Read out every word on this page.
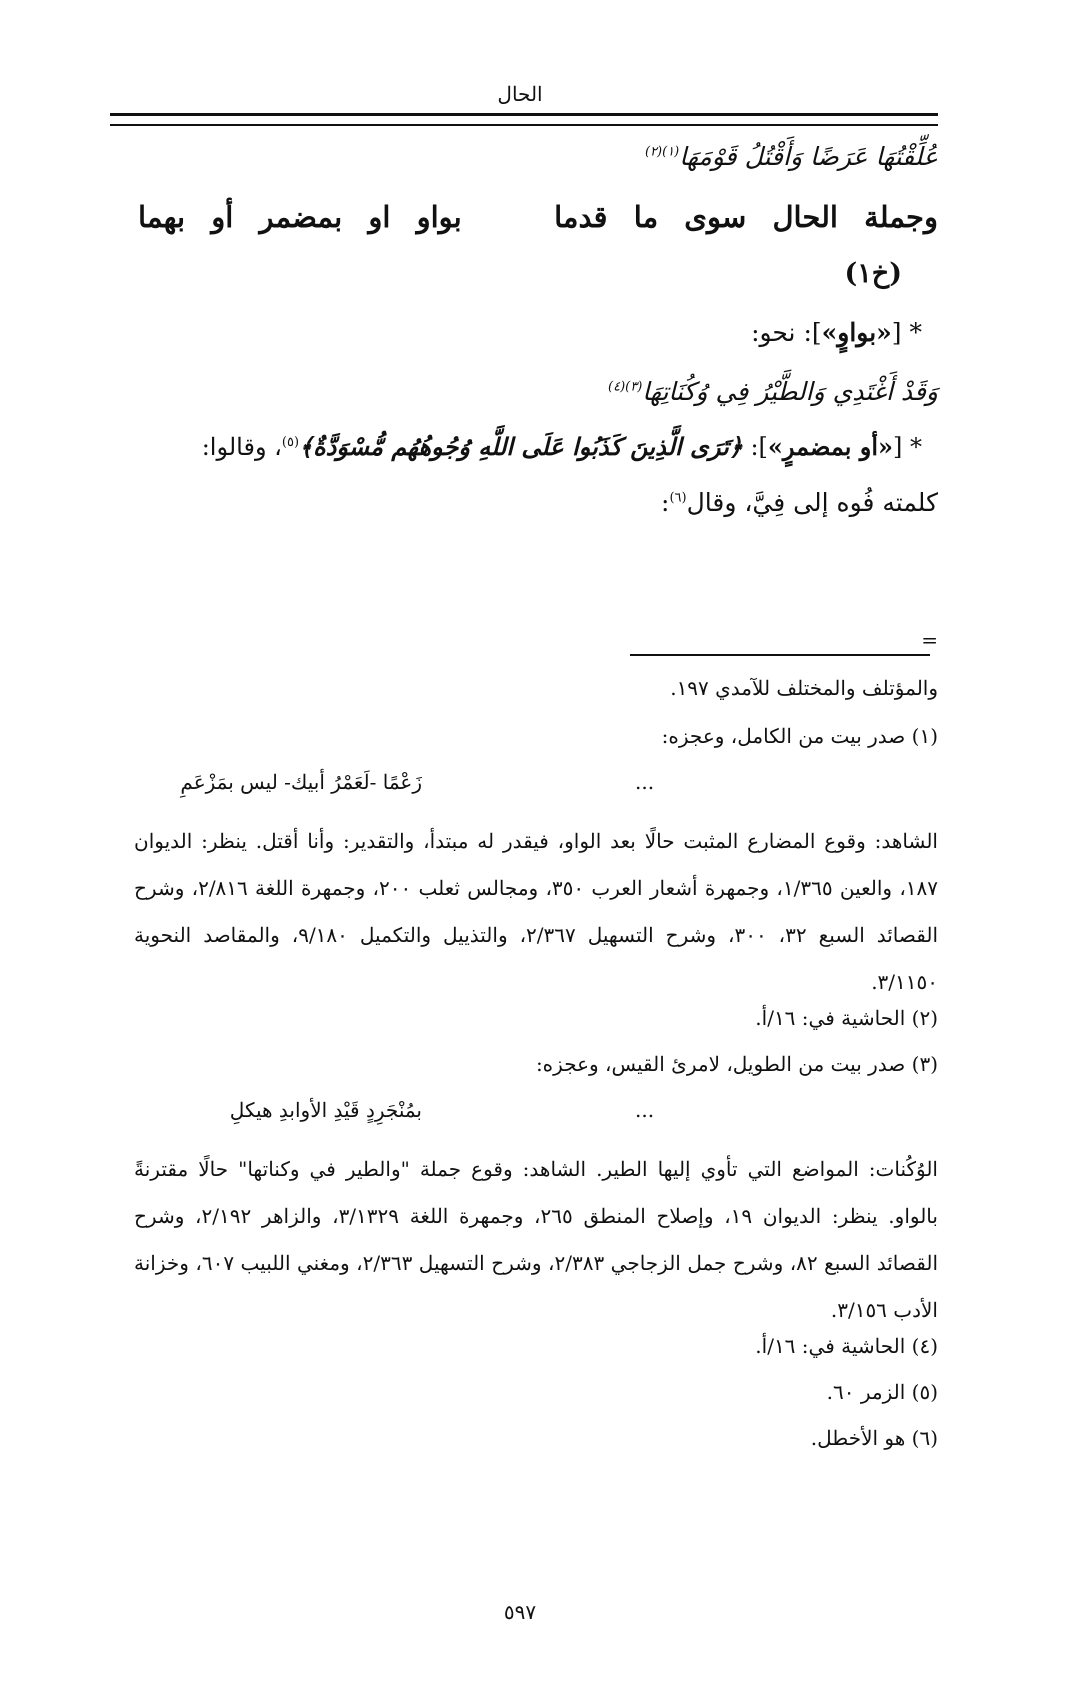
الحال
عُلِّقْتُهَا عَرَضًا وَأَقْتُلُ قَوْمَهَا$^{(١)(٢)}$
وجملة
الحال
سوى
ما
قدما
بواو
او
بمضمر
أو
بهما
(خ١)
* [«بواوٍ»]: نحو:
وَقَدْ أَغْتَدِي وَالطَّيْرُ فِي وُكُنَاتِهَا$^{(٣)(٤)}$
* [«أو بمضمرٍ»]: ﴿تَرَى الَّذِينَ كَذَبُوا عَلَى اللَّهِ وُجُوهُهُم مُّسْوَدَّةٌ﴾$^{(٥)}$، وقالوا:
كلمته فُوه إلى فِيَّ، وقال$^{(٦)}$:
=
والمؤتلف والمختلف للآمدي ١٩٧.
(١) صدر بيت من الكامل، وعجزه:
...
زَعْمًا -لَعَمْرُ أبيك- ليس بمَزْعَمِ
الشاهد: وقوع المضارع المثبت حالًا بعد الواو، فيقدر له مبتدأ، والتقدير: وأنا أقتل. ينظر: الديوان ١٨٧، والعين ١/٣٦٥، وجمهرة أشعار العرب ٣٥٠، ومجالس ثعلب ٢٠٠، وجمهرة اللغة ٢/٨١٦، وشرح القصائد السبع ٣٢، ٣٠٠، وشرح التسهيل ٢/٣٦٧، والتذييل والتكميل ٩/١٨٠، والمقاصد النحوية ٣/١١٥٠.
(٢) الحاشية في: ١٦/أ.
(٣) صدر بيت من الطويل، لامرئ القيس، وعجزه:
...
بمُنْجَرِدٍ قَيْدِ الأوابدِ هيكلِ
الوُكُنات: المواضع التي تأوي إليها الطير. الشاهد: وقوع جملة "والطير في وكناتها" حالًا مقترنةً بالواو. ينظر: الديوان ١٩، وإصلاح المنطق ٢٦٥، وجمهرة اللغة ٣/١٣٢٩، والزاهر ٢/١٩٢، وشرح القصائد السبع ٨٢، وشرح جمل الزجاجي ٢/٣٨٣، وشرح التسهيل ٢/٣٦٣، ومغني اللبيب ٦٠٧، وخزانة الأدب ٣/١٥٦.
(٤) الحاشية في: ١٦/أ.
(٥) الزمر ٦٠.
(٦) هو الأخطل.
٥٩٧
